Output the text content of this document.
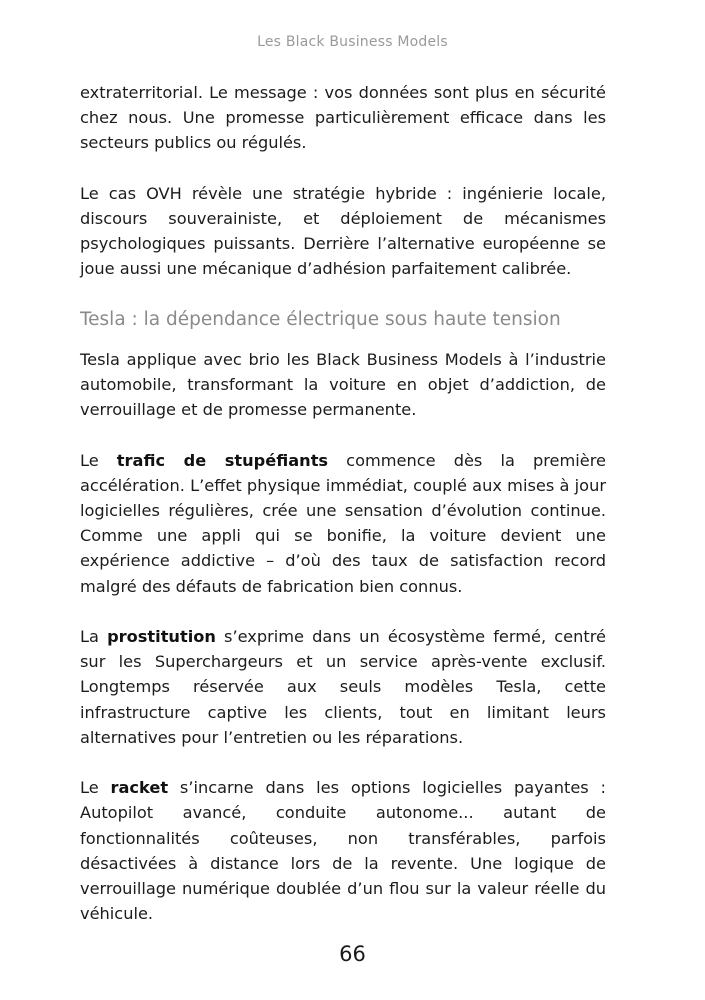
Les Black Business Models

extraterritorial. Le message : vos données sont plus en sécurité chez nous. Une promesse particulièrement efficace dans les secteurs publics ou régulés.

Le cas OVH révèle une stratégie hybride : ingénierie locale, discours souverainiste, et déploiement de mécanismes psychologiques puissants. Derrière l’alternative européenne se joue aussi une mécanique d’adhésion parfaitement calibrée.

Tesla : la dépendance électrique sous haute tension

Tesla applique avec brio les Black Business Models à l’industrie automobile, transformant la voiture en objet d’addiction, de verrouillage et de promesse permanente.

Le trafic de stupéfiants commence dès la première accélération. L’effet physique immédiat, couplé aux mises à jour logicielles régulières, crée une sensation d’évolution continue. Comme une appli qui se bonifie, la voiture devient une expérience addictive – d’où des taux de satisfaction record malgré des défauts de fabrication bien connus.

La prostitution s’exprime dans un écosystème fermé, centré sur les Superchargeurs et un service après-vente exclusif. Longtemps réservée aux seuls modèles Tesla, cette infrastructure captive les clients, tout en limitant leurs alternatives pour l’entretien ou les réparations.

Le racket s’incarne dans les options logicielles payantes : Autopilot avancé, conduite autonome... autant de fonctionnalités coûteuses, non transférables, parfois désactivées à distance lors de la revente. Une logique de verrouillage numérique doublée d’un flou sur la valeur réelle du véhicule.

66
